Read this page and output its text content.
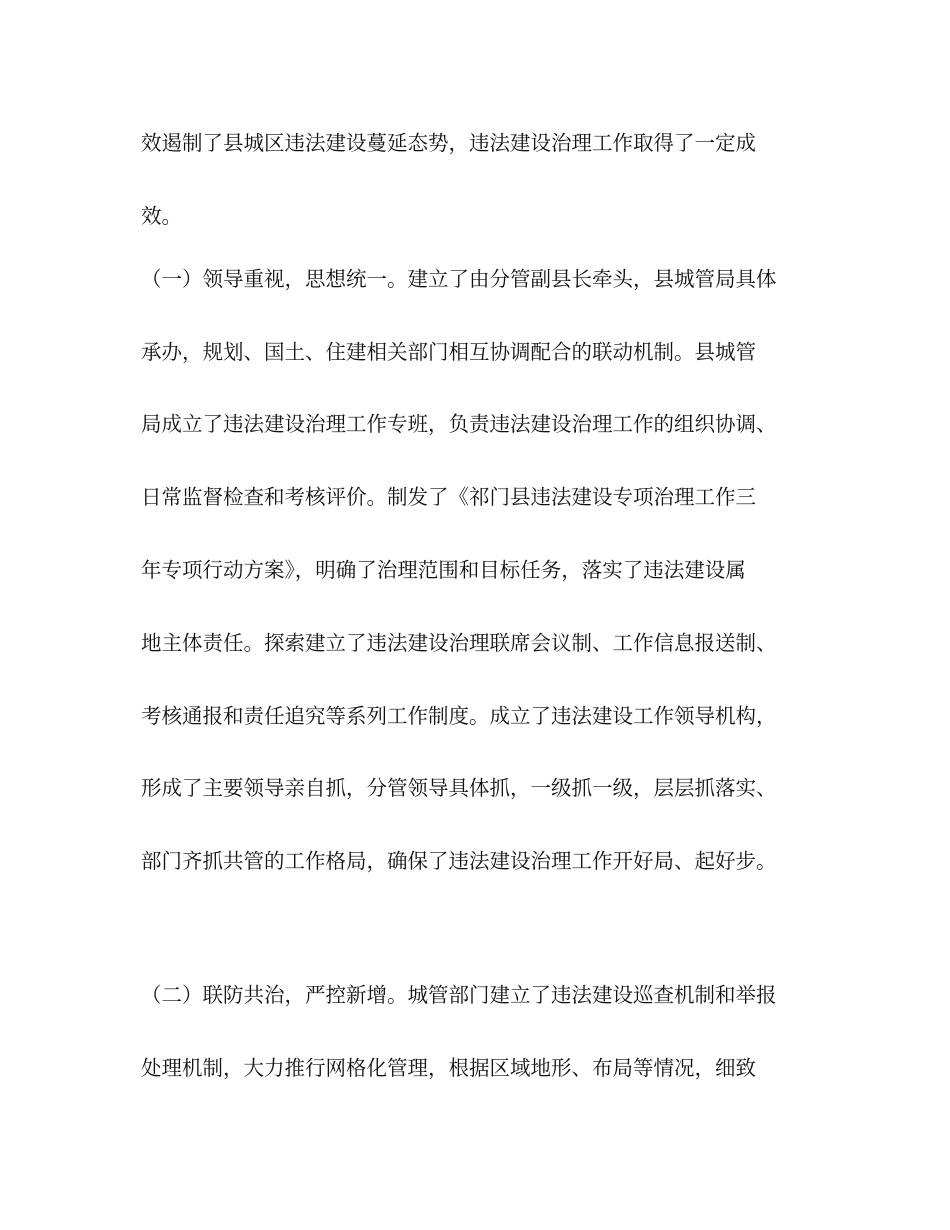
效遏制了县城区违法建设蔓延态势，违法建设治理工作取得了一定成
效。
（一）领导重视，思想统一。建立了由分管副县长牵头，县城管局具体
承办，规划、国土、住建相关部门相互协调配合的联动机制。县城管
局成立了违法建设治理工作专班，负责违法建设治理工作的组织协调、
日常监督检查和考核评价。制发了《祁门县违法建设专项治理工作三
年专项行动方案》，明确了治理范围和目标任务，落实了违法建设属
地主体责任。探索建立了违法建设治理联席会议制、工作信息报送制、
考核通报和责任追究等系列工作制度。成立了违法建设工作领导机构，
形成了主要领导亲自抓，分管领导具体抓，一级抓一级，层层抓落实、
部门齐抓共管的工作格局，确保了违法建设治理工作开好局、起好步。
（二）联防共治，严控新增。城管部门建立了违法建设巡查机制和举报
处理机制，大力推行网格化管理，根据区域地形、布局等情况，细致
